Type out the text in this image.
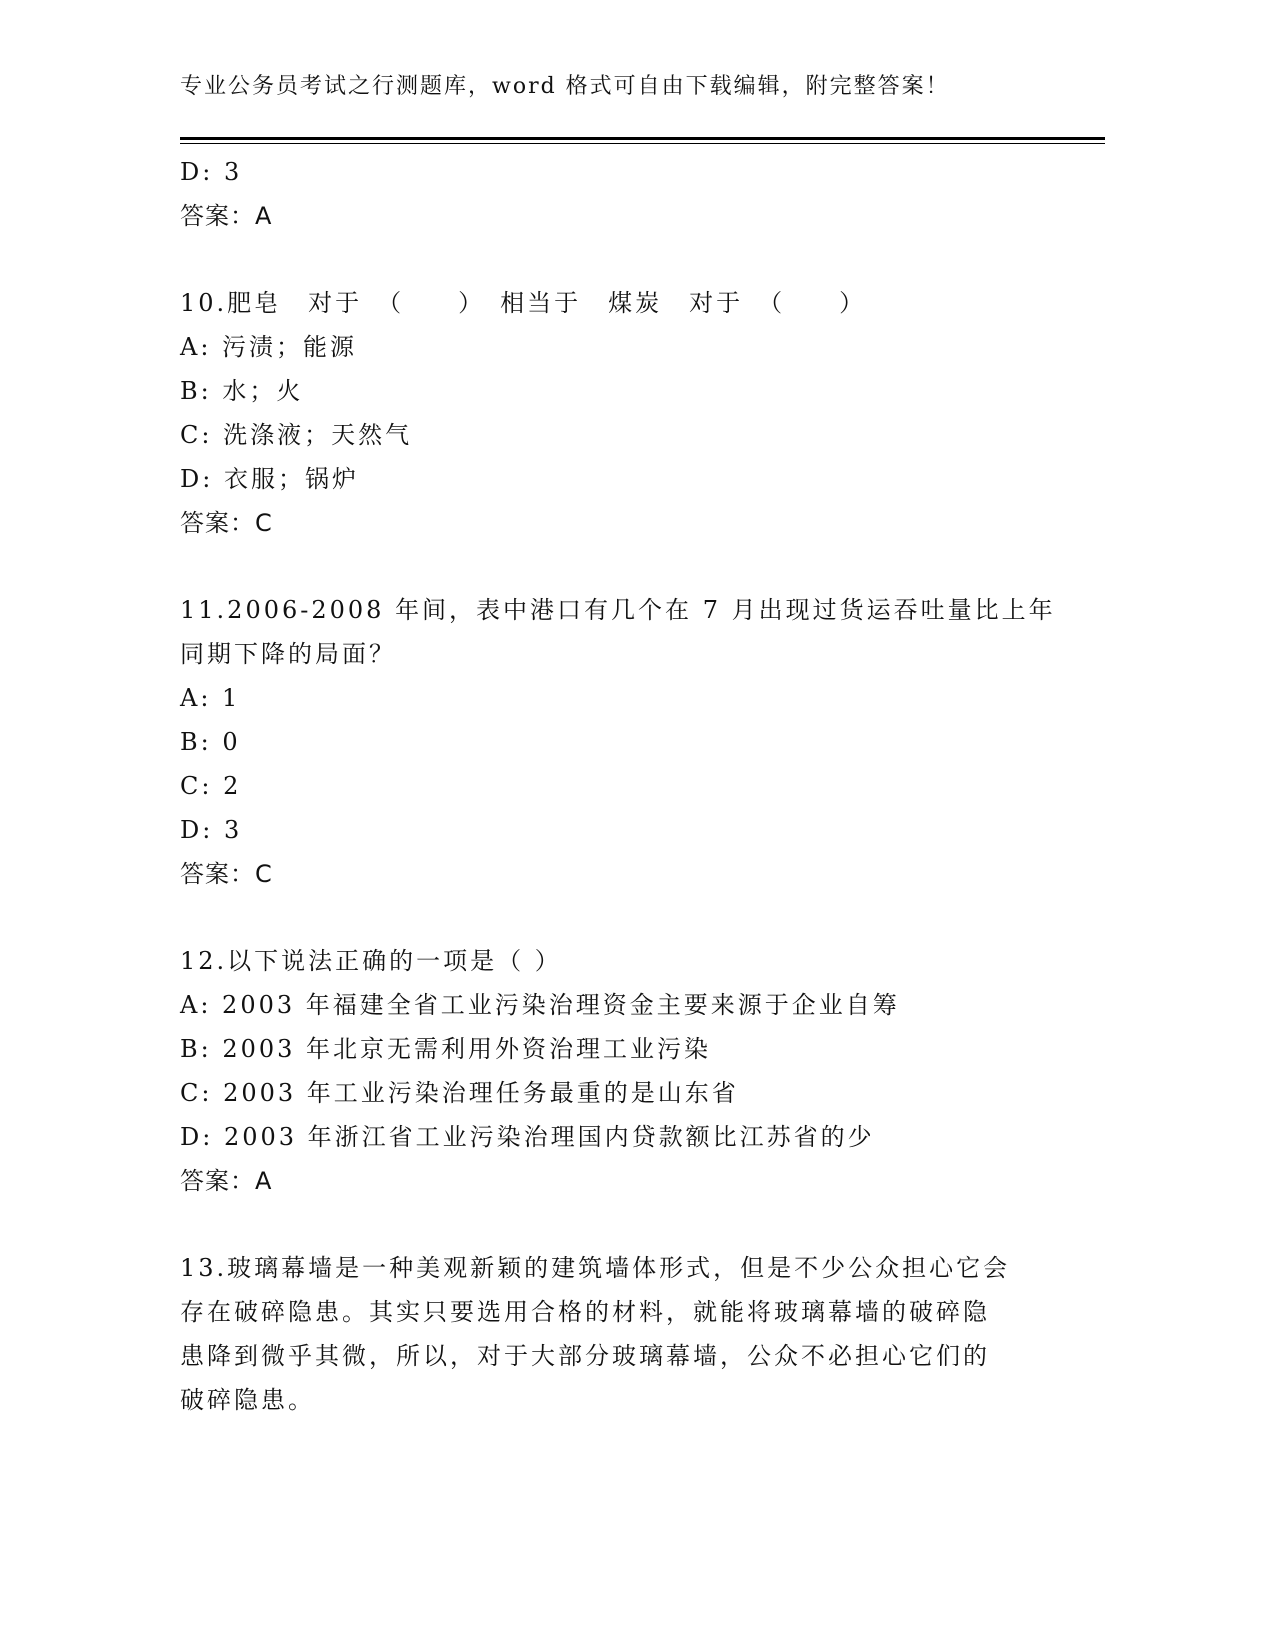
专业公务员考试之行测题库，word 格式可自由下载编辑，附完整答案！
D: 3
答案：A
10.肥皂　对于　（　　）　相当于　煤炭　对于　（　　）
A: 污渍；能源
B: 水；火
C: 洗涤液；天然气
D: 衣服；锅炉
答案：C
11.2006-2008 年间，表中港口有几个在 7 月出现过货运吞吐量比上年
同期下降的局面？
A: 1
B: 0
C: 2
D: 3
答案：C
12.以下说法正确的一项是（ ）
A: 2003 年福建全省工业污染治理资金主要来源于企业自筹
B: 2003 年北京无需利用外资治理工业污染
C: 2003 年工业污染治理任务最重的是山东省
D: 2003 年浙江省工业污染治理国内贷款额比江苏省的少
答案：A
13.玻璃幕墙是一种美观新颖的建筑墙体形式，但是不少公众担心它会
存在破碎隐患。其实只要选用合格的材料，就能将玻璃幕墙的破碎隐
患降到微乎其微，所以，对于大部分玻璃幕墙，公众不必担心它们的
破碎隐患。
